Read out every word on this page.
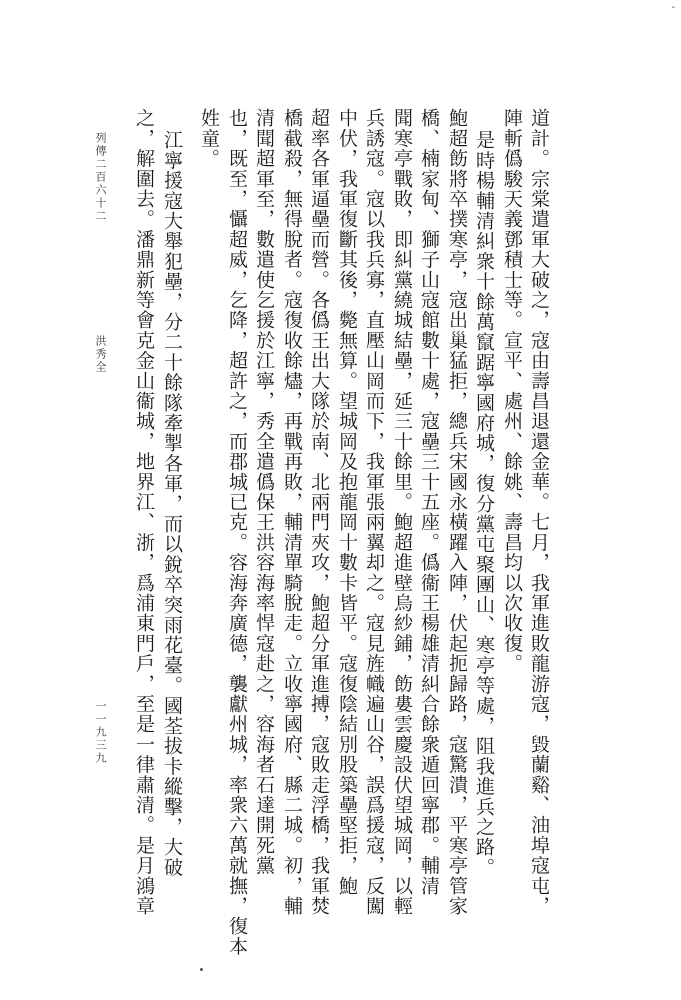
-
道計。宗棠遣軍大破之，寇由壽昌退還金華。七月，我軍進敗龍游寇，毀蘭谿、油埠寇屯，
陣斬僞駿天義鄧積士等。宣平、處州、餘姚、壽昌均以次收復。
是時楊輔清糾衆十餘萬竄踞寧國府城，復分黨屯聚團山、寒亭等處，阻我進兵之路。
鮑超飭將卒撲寒亭，寇出巢猛拒，總兵宋國永橫躍入陣，伏起扼歸路，寇驚潰，平寒亭管家
橋、楠家甸、獅子山寇館數十處，寇壘三十五座。僞衞王楊雄清糾合餘衆遁回寧郡。輔清
聞寒亭戰敗，即糾黨繞城結壘，延三十餘里。鮑超進壁烏紗鋪，飭婁雲慶設伏望城岡，以輕
兵誘寇。寇以我兵寡，直壓山岡而下，我軍張兩翼却之。寇見旌幟遍山谷，誤爲援寇，反闖
中伏，我軍復斷其後，斃無算。望城岡及抱龍岡十數卡皆平。寇復陰結別股築壘堅拒，鮑
超率各軍逼壘而營。各僞王出大隊於南、北兩門夾攻，鮑超分軍進搏，寇敗走浮橋，我軍焚
橋截殺，無得脫者。寇復收餘燼，再戰再敗，輔清單騎脫走。立收寧國府、縣二城。初，輔
清聞超軍至，數遣使乞援於江寧，秀全遣僞保王洪容海率悍寇赴之，容海者石達開死黨
也，既至，懾超威，乞降，超許之，而郡城已克。容海奔廣德，襲獻州城，率衆六萬就撫，復本
姓童。
江寧援寇大舉犯壘，分二十餘隊牽掣各軍，而以銳卒突雨花臺。國荃拔卡縱擊，大破
之，解圍去。潘鼎新等會克金山衞城，地界江、浙，爲浦東門戶，至是一律肅清。是月鴻章
列傳二百六十二
洪秀全
一一九三九
